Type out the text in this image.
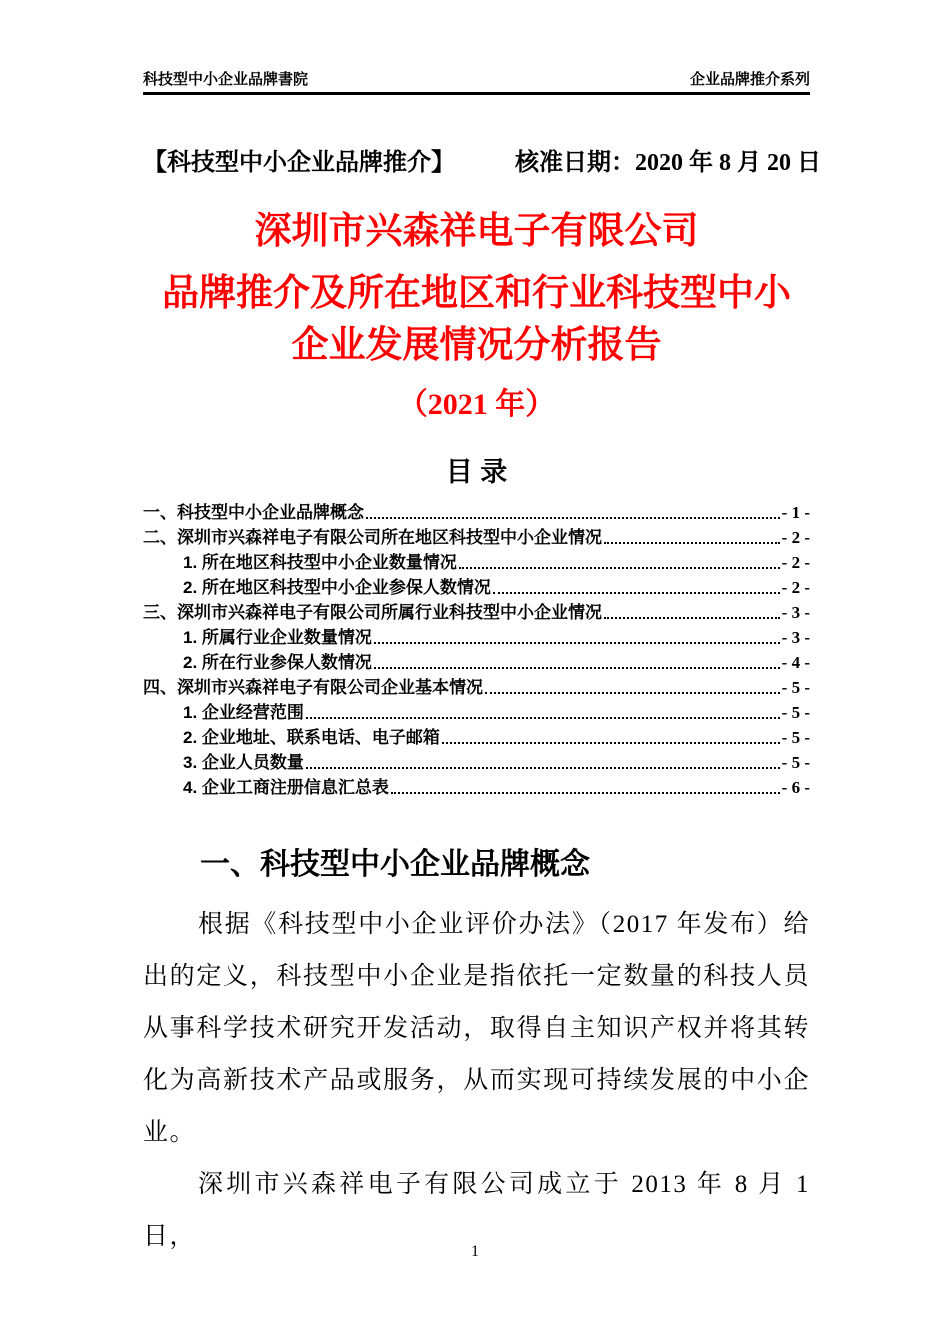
科技型中小企业品牌書院	企业品牌推介系列
【科技型中小企业品牌推介】	核准日期：2020 年 8 月 20 日
深圳市兴森祥电子有限公司
品牌推介及所在地区和行业科技型中小
企业发展情况分析报告
（2021 年）
目 录
一、科技型中小企业品牌概念	- 1 -
二、深圳市兴森祥电子有限公司所在地区科技型中小企业情况	- 2 -
1. 所在地区科技型中小企业数量情况	- 2 -
2. 所在地区科技型中小企业参保人数情况	- 2 -
三、深圳市兴森祥电子有限公司所属行业科技型中小企业情况	- 3 -
1. 所属行业企业数量情况	- 3 -
2. 所在行业参保人数情况	- 4 -
四、深圳市兴森祥电子有限公司企业基本情况	- 5 -
1. 企业经营范围	- 5 -
2. 企业地址、联系电话、电子邮箱	- 5 -
3. 企业人员数量	- 5 -
4. 企业工商注册信息汇总表	- 6 -
一、科技型中小企业品牌概念

根据《科技型中小企业评价办法》（2017 年发布）给出的定义，科技型中小企业是指依托一定数量的科技人员从事科学技术研究开发活动，取得自主知识产权并将其转化为高新技术产品或服务，从而实现可持续发展的中小企业。

深圳市兴森祥电子有限公司成立于 2013 年 8 月 1 日，

1
